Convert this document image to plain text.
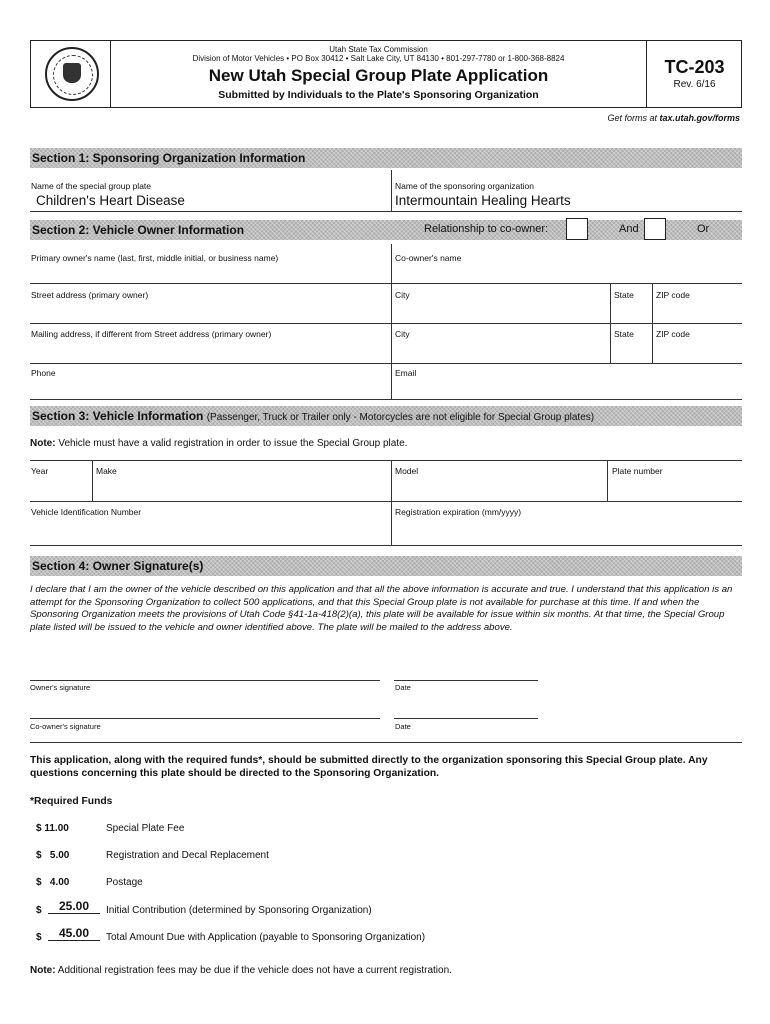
Utah State Tax Commission
Division of Motor Vehicles • PO Box 30412 • Salt Lake City, UT 84130 • 801-297-7780 or 1-800-368-8824
New Utah Special Group Plate Application
Submitted by Individuals to the Plate's Sponsoring Organization
TC-203
Rev. 6/16
Get forms at tax.utah.gov/forms
Section 1: Sponsoring Organization Information
Name of the special group plate
Children's Heart Disease
Name of the sponsoring organization
Intermountain Healing Hearts
Section 2: Vehicle Owner Information	Relationship to co-owner:	And	Or
Primary owner's name (last, first, middle initial, or business name)	Co-owner's name
Street address (primary owner)	City	State	ZIP code
Mailing address, if different from Street address (primary owner)	City	State	ZIP code
Phone	Email
Section 3: Vehicle Information (Passenger, Truck or Trailer only - Motorcycles are not eligible for Special Group plates)
Note: Vehicle must have a valid registration in order to issue the Special Group plate.
Year	Make	Model	Plate number
Vehicle Identification Number	Registration expiration (mm/yyyy)
Section 4: Owner Signature(s)
I declare that I am the owner of the vehicle described on this application and that all the above information is accurate and true. I understand that this application is an attempt for the Sponsoring Organization to collect 500 applications, and that this Special Group plate is not available for purchase at this time. If and when the Sponsoring Organization meets the provisions of Utah Code §41-1a-418(2)(a), this plate will be available for issue within six months. At that time, the Special Group plate listed will be issued to the vehicle and owner identified above. The plate will be mailed to the address above.
Owner's signature	Date
Co-owner's signature	Date
This application, along with the required funds*, should be submitted directly to the organization sponsoring this Special Group plate. Any questions concerning this plate should be directed to the Sponsoring Organization.
*Required Funds
$ 11.00	Special Plate Fee
$   5.00	Registration and Decal Replacement
$   4.00	Postage
$	25.00	Initial Contribution (determined by Sponsoring Organization)
$	45.00	Total Amount Due with Application (payable to Sponsoring Organization)
Note: Additional registration fees may be due if the vehicle does not have a current registration.
